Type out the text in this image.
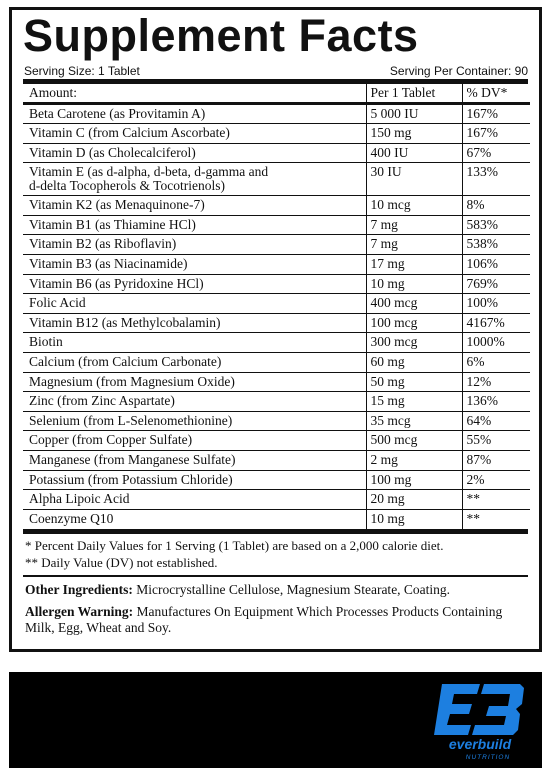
Supplement Facts
Serving Size: 1 Tablet	Serving Per Container: 90
Amount:	Per 1 Tablet	% DV*
Beta Carotene (as Provitamin A)	5 000 IU	167%
Vitamin C (from Calcium Ascorbate)	150 mg	167%
Vitamin D (as Cholecalciferol)	400 IU	67%
Vitamin E (as d-alpha, d-beta, d-gamma and
d-delta Tocopherols & Tocotrienols)	30 IU	133%
Vitamin K2 (as Menaquinone-7)	10 mcg	8%
Vitamin B1 (as Thiamine HCl)	7 mg	583%
Vitamin B2 (as Riboflavin)	7 mg	538%
Vitamin B3 (as Niacinamide)	17 mg	106%
Vitamin B6 (as Pyridoxine HCl)	10 mg	769%
Folic Acid	400 mcg	100%
Vitamin B12 (as Methylcobalamin)	100 mcg	4167%
Biotin	300 mcg	1000%
Calcium (from Calcium Carbonate)	60 mg	6%
Magnesium (from Magnesium Oxide)	50 mg	12%
Zinc (from Zinc Aspartate)	15 mg	136%
Selenium (from L-Selenomethionine)	35 mcg	64%
Copper (from Copper Sulfate)	500 mcg	55%
Manganese (from Manganese Sulfate)	2 mg	87%
Potassium (from Potassium Chloride)	100 mg	2%
Alpha Lipoic Acid	20 mg	**
Coenzyme Q10	10 mg	**

* Percent Daily Values for 1 Serving (1 Tablet) are based on a 2,000 calorie diet.

** Daily Value (DV) not established.

Other Ingredients: Microcrystalline Cellulose, Magnesium Stearate, Coating.

Allergen Warning: Manufactures On Equipment Which Processes Products Containing Milk, Egg, Wheat and Soy.

everbuild
NUTRITION
